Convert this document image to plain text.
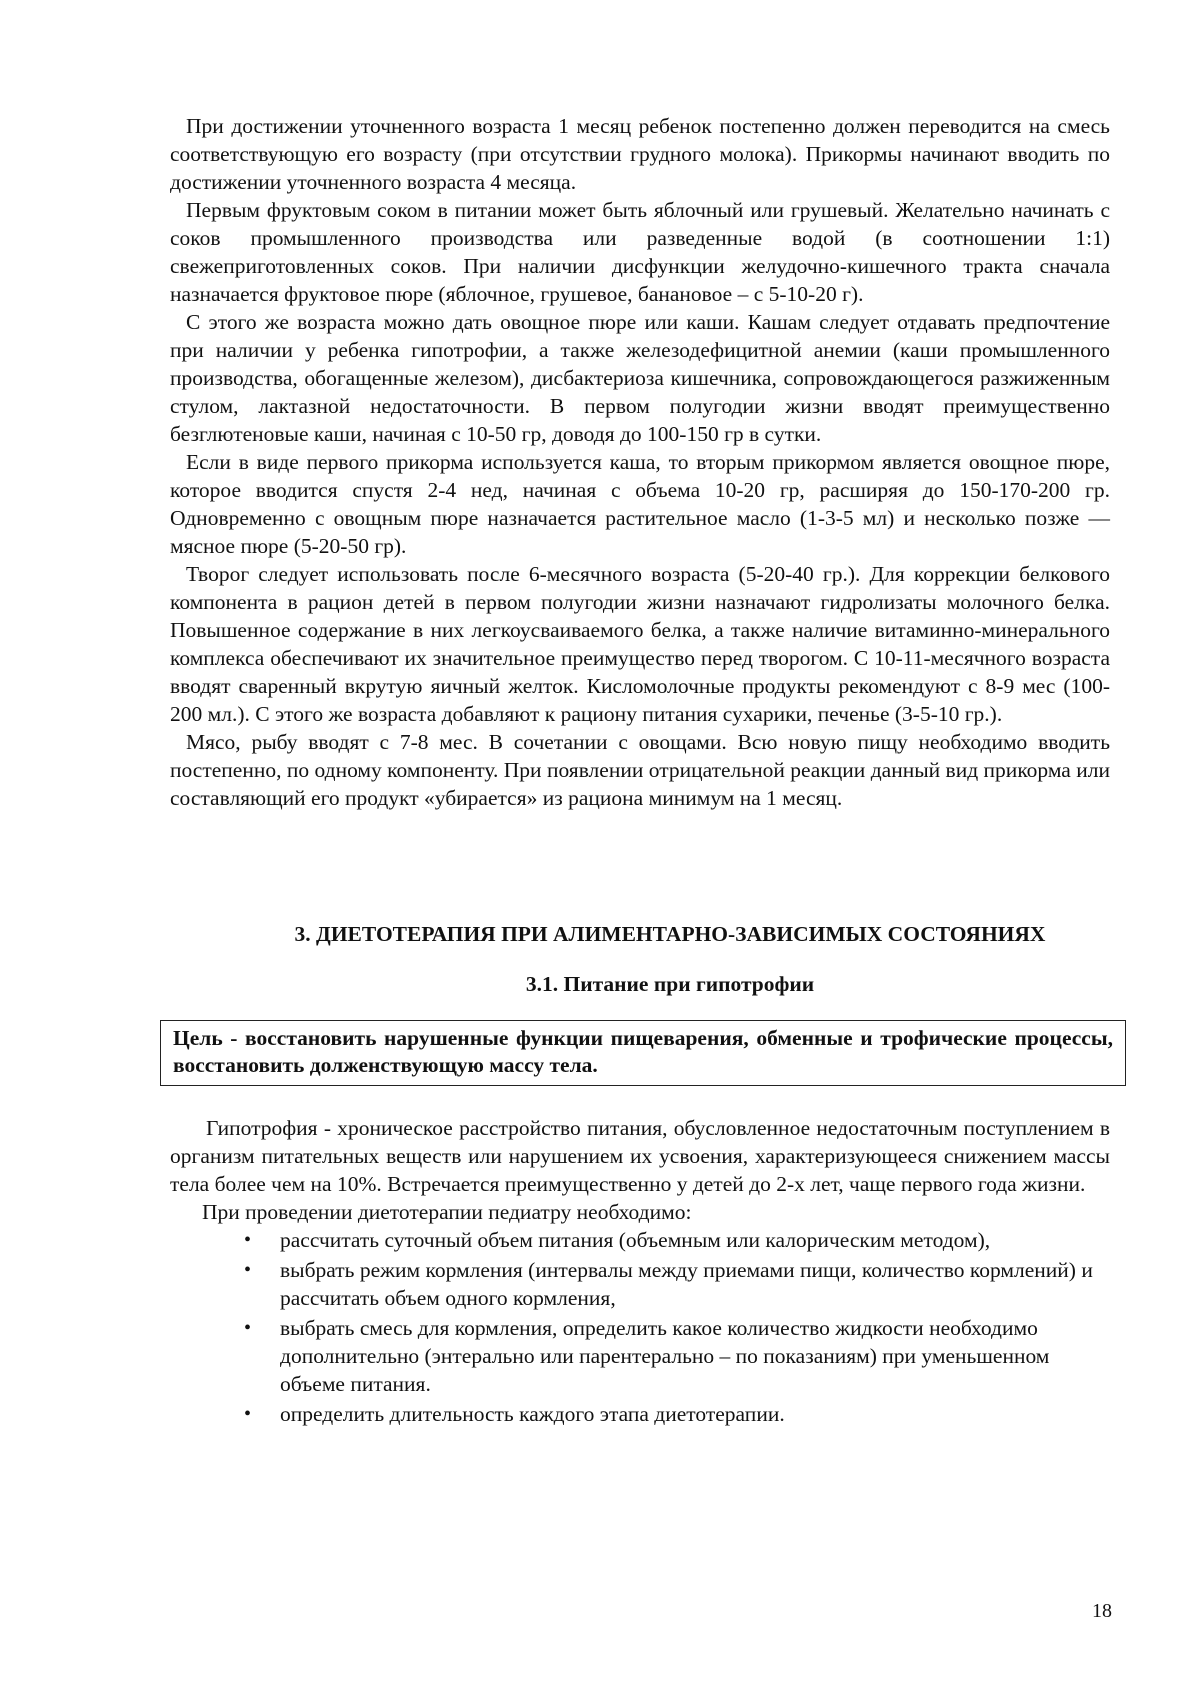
При достижении уточненного возраста 1 месяц ребенок постепенно должен переводится на смесь соответствующую его возрасту (при отсутствии грудного молока). Прикормы начинают вводить по достижении уточненного возраста 4 месяца.

Первым фруктовым соком в питании может быть яблочный или грушевый. Желательно начинать с соков промышленного производства или разведенные водой (в соотношении 1:1) свежеприготовленных соков. При наличии дисфункции желудочно-кишечного тракта сначала назначается фруктовое пюре (яблочное, грушевое, банановое – с 5-10-20 г).

С этого же возраста можно дать овощное пюре или каши. Кашам следует отдавать предпочтение при наличии у ребенка гипотрофии, а также железодефицитной анемии (каши промышленного производства, обогащенные железом), дисбактериоза кишечника, сопровождающегося разжиженным стулом, лактазной недостаточности. В первом полугодии жизни вводят преимущественно безглютеновые каши, начиная с 10-50 гр, доводя до 100-150 гр в сутки.

Если в виде первого прикорма используется каша, то вторым прикормом является овощное пюре, которое вводится спустя 2-4 нед, начиная с объема 10-20 гр, расширяя до 150-170-200 гр. Одновременно с овощным пюре назначается растительное масло (1-3-5 мл) и несколько позже — мясное пюре (5-20-50 гр).

Творог следует использовать после 6-месячного возраста (5-20-40 гр.). Для коррекции белкового компонента в рацион детей в первом полугодии жизни назначают гидролизаты молочного белка. Повышенное содержание в них легкоусваиваемого белка, а также наличие витаминно-минерального комплекса обеспечивают их значительное преимущество перед творогом. С 10-11-месячного возраста вводят сваренный вкрутую яичный желток. Кисломолочные продукты рекомендуют с 8-9 мес (100-200 мл.). С этого же возраста добавляют к рациону питания сухарики, печенье (3-5-10 гр.).

Мясо, рыбу вводят с 7-8 мес. В сочетании с овощами. Всю новую пищу необходимо вводить постепенно, по одному компоненту. При появлении отрицательной реакции данный вид прикорма или составляющий его продукт «убирается» из рациона минимум на 1 месяц.

3. ДИЕТОТЕРАПИЯ ПРИ АЛИМЕНТАРНО-ЗАВИСИМЫХ СОСТОЯНИЯХ
3.1. Питание при гипотрофии
Цель - восстановить нарушенные функции пищеварения, обменные и трофические процессы, восстановить долженствующую массу тела.

Гипотрофия - хроническое расстройство питания, обусловленное недостаточным поступлением в организм питательных веществ или нарушением их усвоения, характеризующееся снижением массы тела более чем на 10%. Встречается преимущественно у детей до 2-х лет, чаще первого года жизни.

При проведении диетотерапии педиатру необходимо:

• рассчитать суточный объем питания (объемным или калорическим методом),
• выбрать режим кормления (интервалы между приемами пищи, количество кормлений) и рассчитать объем одного кормления,
• выбрать смесь для кормления, определить какое количество жидкости необходимо дополнительно (энтерально или парентерально – по показаниям) при уменьшенном объеме питания.
• определить длительность каждого этапа диетотерапии.
18
